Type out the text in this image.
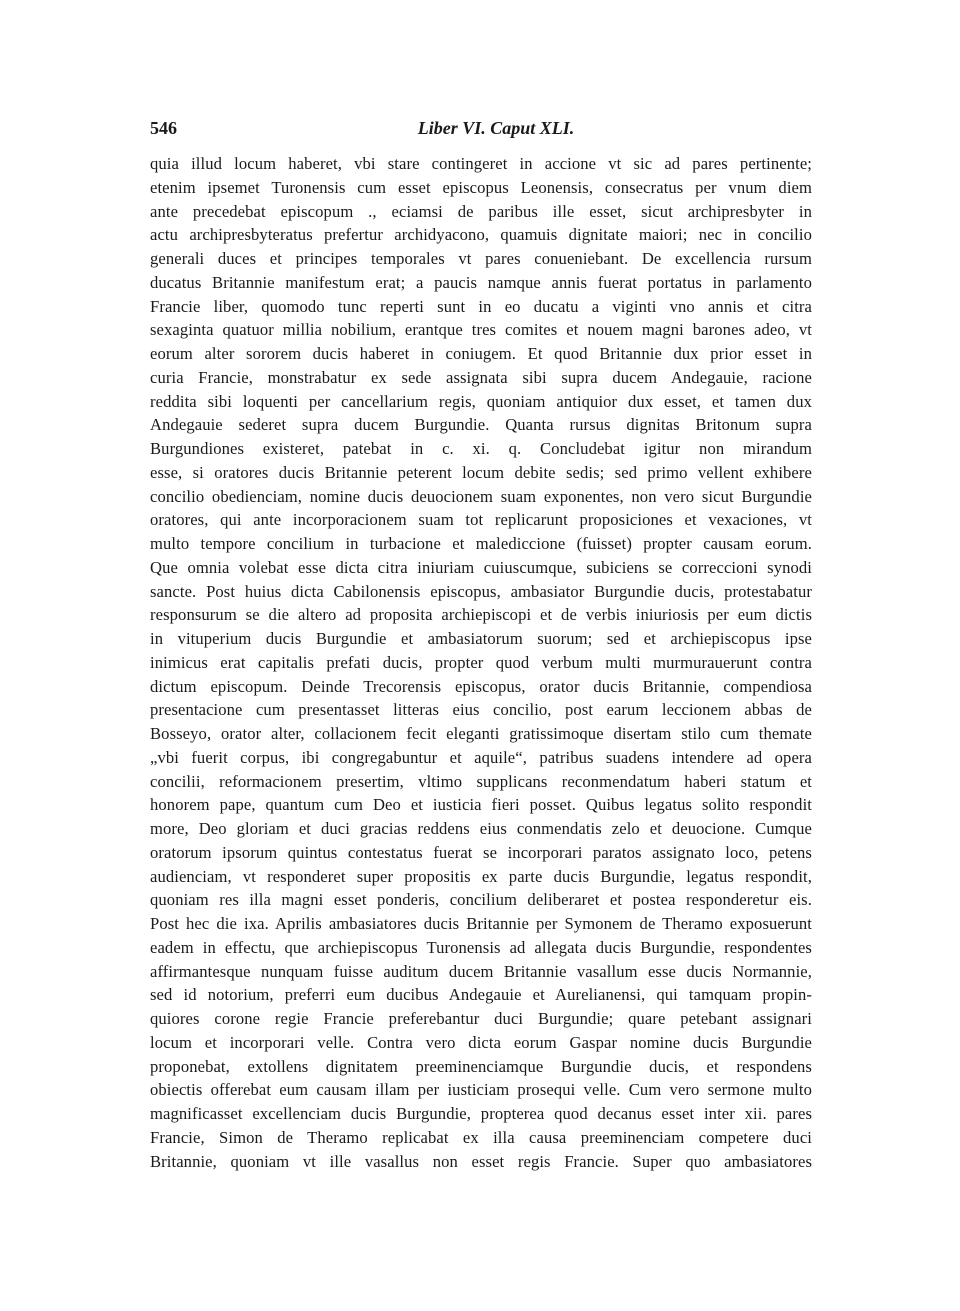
546	Liber VI. Caput XLI.
quia illud locum haberet, vbi stare contingeret in accione vt sic ad pares pertinente;
etenim ipsemet Turonensis cum esset episcopus Leonensis, consecratus per vnum diem
ante precedebat episcopum ., eciamsi de paribus ille esset, sicut archipresbyter in
actu archipresbyteratus prefertur archidyacono, quamuis dignitate maiori; nec in concilio
generali duces et principes temporales vt pares conueniebant. De excellencia rursum
ducatus Britannie manifestum erat; a paucis namque annis fuerat portatus in parlamento
Francie liber, quomodo tunc reperti sunt in eo ducatu a viginti vno annis et citra
sexaginta quatuor millia nobilium, erantque tres comites et nouem magni barones adeo, vt
eorum alter sororem ducis haberet in coniugem. Et quod Britannie dux prior esset in
curia Francie, monstrabatur ex sede assignata sibi supra ducem Andegauie, racione
reddita sibi loquenti per cancellarium regis, quoniam antiquior dux esset, et tamen dux
Andegauie sederet supra ducem Burgundie. Quanta rursus dignitas Britonum supra
Burgundiones existeret, patebat in c. xi. q. Concludebat igitur non mirandum
esse, si oratores ducis Britannie peterent locum debite sedis; sed primo vellent exhibere
concilio obedienciam, nomine ducis deuocionem suam exponentes, non vero sicut Burgundie
oratores, qui ante incorporacionem suam tot replicarunt proposiciones et vexaciones, vt
multo tempore concilium in turbacione et malediccione (fuisset) propter causam eorum.
Que omnia volebat esse dicta citra iniuriam cuiuscumque, subiciens se correccioni synodi
sancte. Post huius dicta Cabilonensis episcopus, ambasiator Burgundie ducis, protestabatur
responsurum se die altero ad proposita archiepiscopi et de verbis iniuriosis per eum dictis
in vituperium ducis Burgundie et ambasiatorum suorum; sed et archiepiscopus ipse
inimicus erat capitalis prefati ducis, propter quod verbum multi murmurauerunt contra
dictum episcopum. Deinde Trecorensis episcopus, orator ducis Britannie, compendiosa
presentacione cum presentasset litteras eius concilio, post earum leccionem abbas de
Bosseyo, orator alter, collacionem fecit eleganti gratissimoque disertam stilo cum themate
„vbi fuerit corpus, ibi congregabuntur et aquile“, patribus suadens intendere ad opera
concilii, reformacionem presertim, vltimo supplicans reconmendatum haberi statum et
honorem pape, quantum cum Deo et iusticia fieri posset. Quibus legatus solito respondit
more, Deo gloriam et duci gracias reddens eius conmendatis zelo et deuocione. Cumque
oratorum ipsorum quintus contestatus fuerat se incorporari paratos assignato loco, petens
audienciam, vt responderet super propositis ex parte ducis Burgundie, legatus respondit,
quoniam res illa magni esset ponderis, concilium deliberaret et postea responderetur eis.
Post hec die ixa. Aprilis ambasiatores ducis Britannie per Symonem de Theramo exposuerunt
eadem in effectu, que archiepiscopus Turonensis ad allegata ducis Burgundie, respondentes
affirmantesque nunquam fuisse auditum ducem Britannie vasallum esse ducis Normannie,
sed id notorium, preferri eum ducibus Andegauie et Aurelianensi, qui tamquam propin-
quiores corone regie Francie preferebantur duci Burgundie; quare petebant assignari
locum et incorporari velle. Contra vero dicta eorum Gaspar nomine ducis Burgundie
proponebat, extollens dignitatem preeminenciamque Burgundie ducis, et respondens
obiectis offerebat eum causam illam per iusticiam prosequi velle. Cum vero sermone multo
magnificasset excellenciam ducis Burgundie, propterea quod decanus esset inter xii. pares
Francie, Simon de Theramo replicabat ex illa causa preeminenciam competere duci
Britannie, quoniam vt ille vasallus non esset regis Francie. Super quo ambasiatores
